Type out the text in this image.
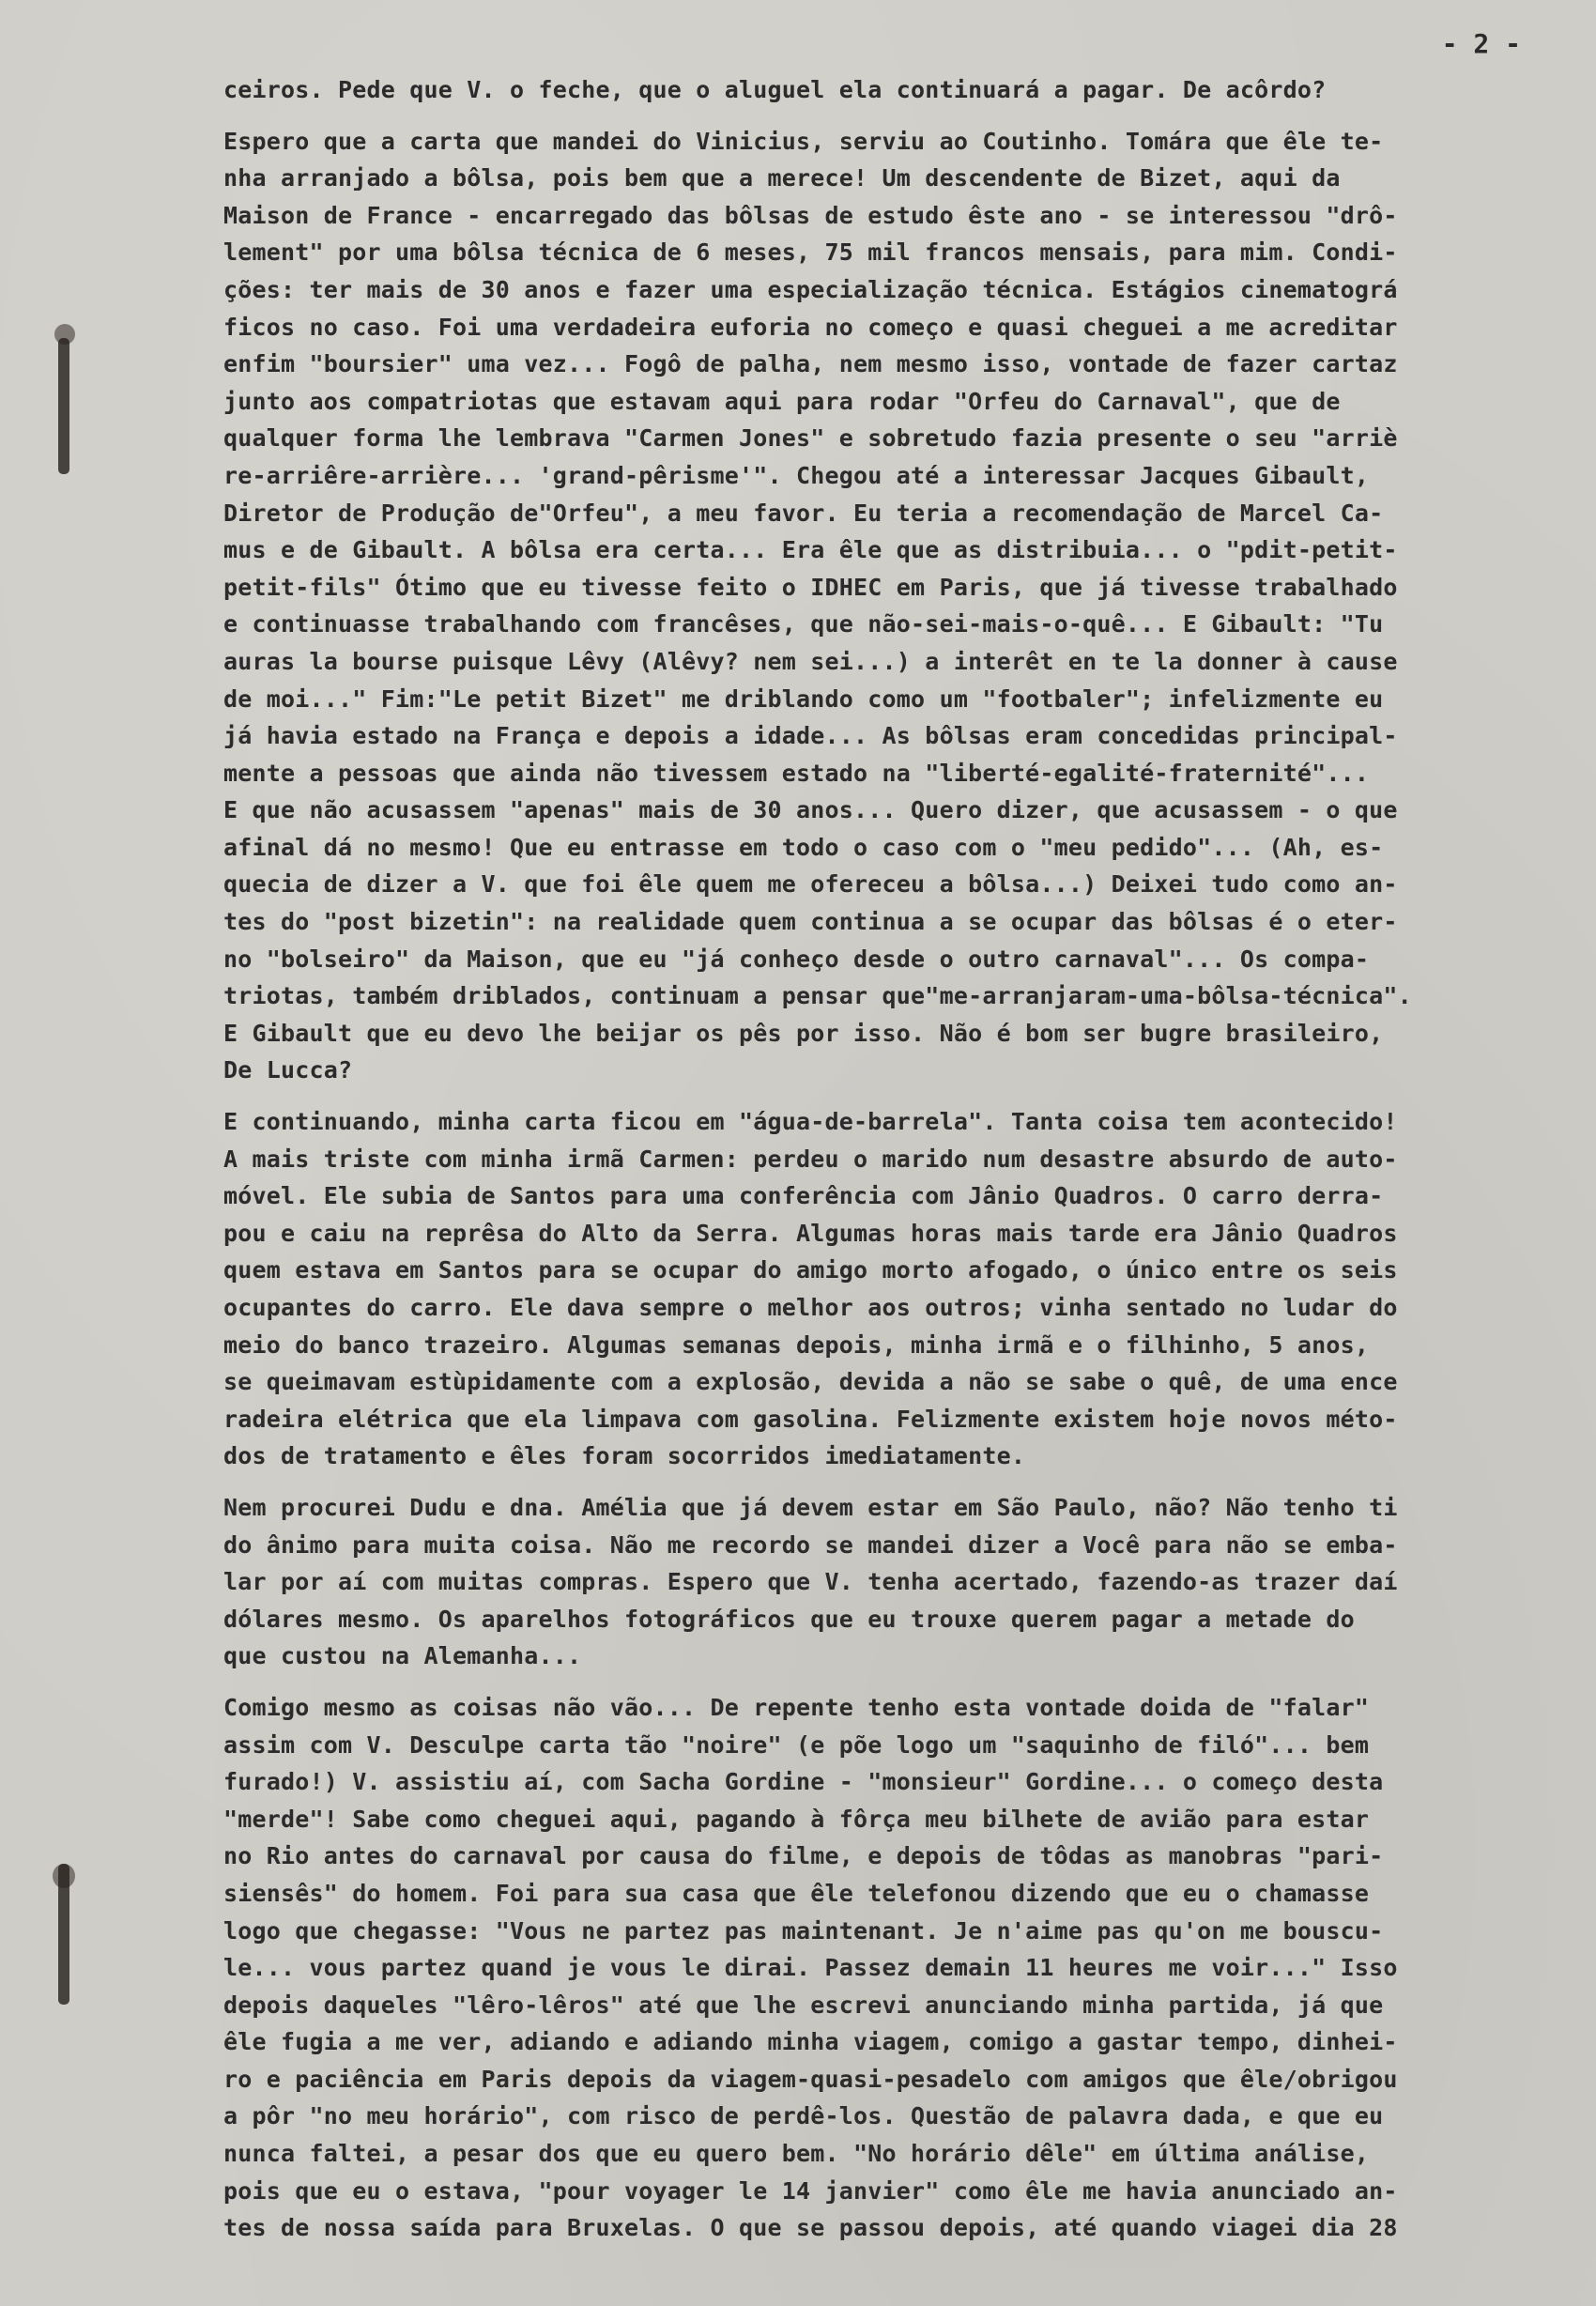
- 2 -
ceiros. Pede que V. o feche, que o aluguel ela continuará a pagar. De acôrdo?
Espero que a carta que mandei do Vinicius, serviu ao Coutinho. Tomára que êle te-
nha arranjado a bôlsa, pois bem que a merece! Um descendente de Bizet, aqui da
Maison de France - encarregado das bôlsas de estudo êste ano - se interessou "drô-
lement" por uma bôlsa técnica de 6 meses, 75 mil francos mensais, para mim. Condi-
ções: ter mais de 30 anos e fazer uma especialização técnica. Estágios cinematográ
ficos no caso. Foi uma verdadeira euforia no começo e quasi cheguei a me acreditar
enfim "boursier" uma vez... Fogô de palha, nem mesmo isso, vontade de fazer cartaz
junto aos compatriotas que estavam aqui para rodar "Orfeu do Carnaval", que de
qualquer forma lhe lembrava "Carmen Jones" e sobretudo fazia presente o seu "arriè
re-arriêre-arrière... 'grand-pêrisme'". Chegou até a interessar Jacques Gibault,
Diretor de Produção de"Orfeu", a meu favor. Eu teria a recomendação de Marcel Ca-
mus e de Gibault. A bôlsa era certa... Era êle que as distribuia... o "pdit-petit-
petit-fils" Ótimo que eu tivesse feito o IDHEC em Paris, que já tivesse trabalhado
e continuasse trabalhando com francêses, que não-sei-mais-o-quê... E Gibault: "Tu
auras la bourse puisque Lêvy (Alêvy? nem sei...) a interêt en te la donner à cause
de moi..." Fim:"Le petit Bizet" me driblando como um "footbaler"; infelizmente eu
já havia estado na França e depois a idade... As bôlsas eram concedidas principal-
mente a pessoas que ainda não tivessem estado na "liberté-egalité-fraternité"...
E que não acusassem "apenas" mais de 30 anos... Quero dizer, que acusassem - o que
afinal dá no mesmo! Que eu entrasse em todo o caso com o "meu pedido"... (Ah, es-
quecia de dizer a V. que foi êle quem me ofereceu a bôlsa...) Deixei tudo como an-
tes do "post bizetin": na realidade quem continua a se ocupar das bôlsas é o eter-
no "bolseiro" da Maison, que eu "já conheço desde o outro carnaval"... Os compa-
triotas, também driblados, continuam a pensar que"me-arranjaram-uma-bôlsa-técnica".
E Gibault que eu devo lhe beijar os pês por isso. Não é bom ser bugre brasileiro,
De Lucca?
E continuando, minha carta ficou em "água-de-barrela". Tanta coisa tem acontecido!
A mais triste com minha irmã Carmen: perdeu o marido num desastre absurdo de auto-
móvel. Ele subia de Santos para uma conferência com Jânio Quadros. O carro derra-
pou e caiu na reprêsa do Alto da Serra. Algumas horas mais tarde era Jânio Quadros
quem estava em Santos para se ocupar do amigo morto afogado, o único entre os seis
ocupantes do carro. Ele dava sempre o melhor aos outros; vinha sentado no ludar do
meio do banco trazeiro. Algumas semanas depois, minha irmã e o filhinho, 5 anos,
se queimavam estùpidamente com a explosão, devida a não se sabe o quê, de uma ence
radeira elétrica que ela limpava com gasolina. Felizmente existem hoje novos méto-
dos de tratamento e êles foram socorridos imediatamente.
Nem procurei Dudu e dna. Amélia que já devem estar em São Paulo, não? Não tenho ti
do ânimo para muita coisa. Não me recordo se mandei dizer a Você para não se emba-
lar por aí com muitas compras. Espero que V. tenha acertado, fazendo-as trazer daí
dólares mesmo. Os aparelhos fotográficos que eu trouxe querem pagar a metade do
que custou na Alemanha...
Comigo mesmo as coisas não vão... De repente tenho esta vontade doida de "falar"
assim com V. Desculpe carta tão "noire" (e põe logo um "saquinho de filó"... bem
furado!) V. assistiu aí, com Sacha Gordine - "monsieur" Gordine... o começo desta
"merde"! Sabe como cheguei aqui, pagando à fôrça meu bilhete de avião para estar
no Rio antes do carnaval por causa do filme, e depois de tôdas as manobras "pari-
siensês" do homem. Foi para sua casa que êle telefonou dizendo que eu o chamasse
logo que chegasse: "Vous ne partez pas maintenant. Je n'aime pas qu'on me bouscu-
le... vous partez quand je vous le dirai. Passez demain 11 heures me voir..." Isso
depois daqueles "lêro-lêros" até que lhe escrevi anunciando minha partida, já que
êle fugia a me ver, adiando e adiando minha viagem, comigo a gastar tempo, dinhei-
ro e paciência em Paris depois da viagem-quasi-pesadelo com amigos que êle/obrigou
a pôr "no meu horário", com risco de perdê-los. Questão de palavra dada, e que eu
nunca faltei, a pesar dos que eu quero bem. "No horário dêle" em última análise,
pois que eu o estava, "pour voyager le 14 janvier" como êle me havia anunciado an-
tes de nossa saída para Bruxelas. O que se passou depois, até quando viagei dia 28
